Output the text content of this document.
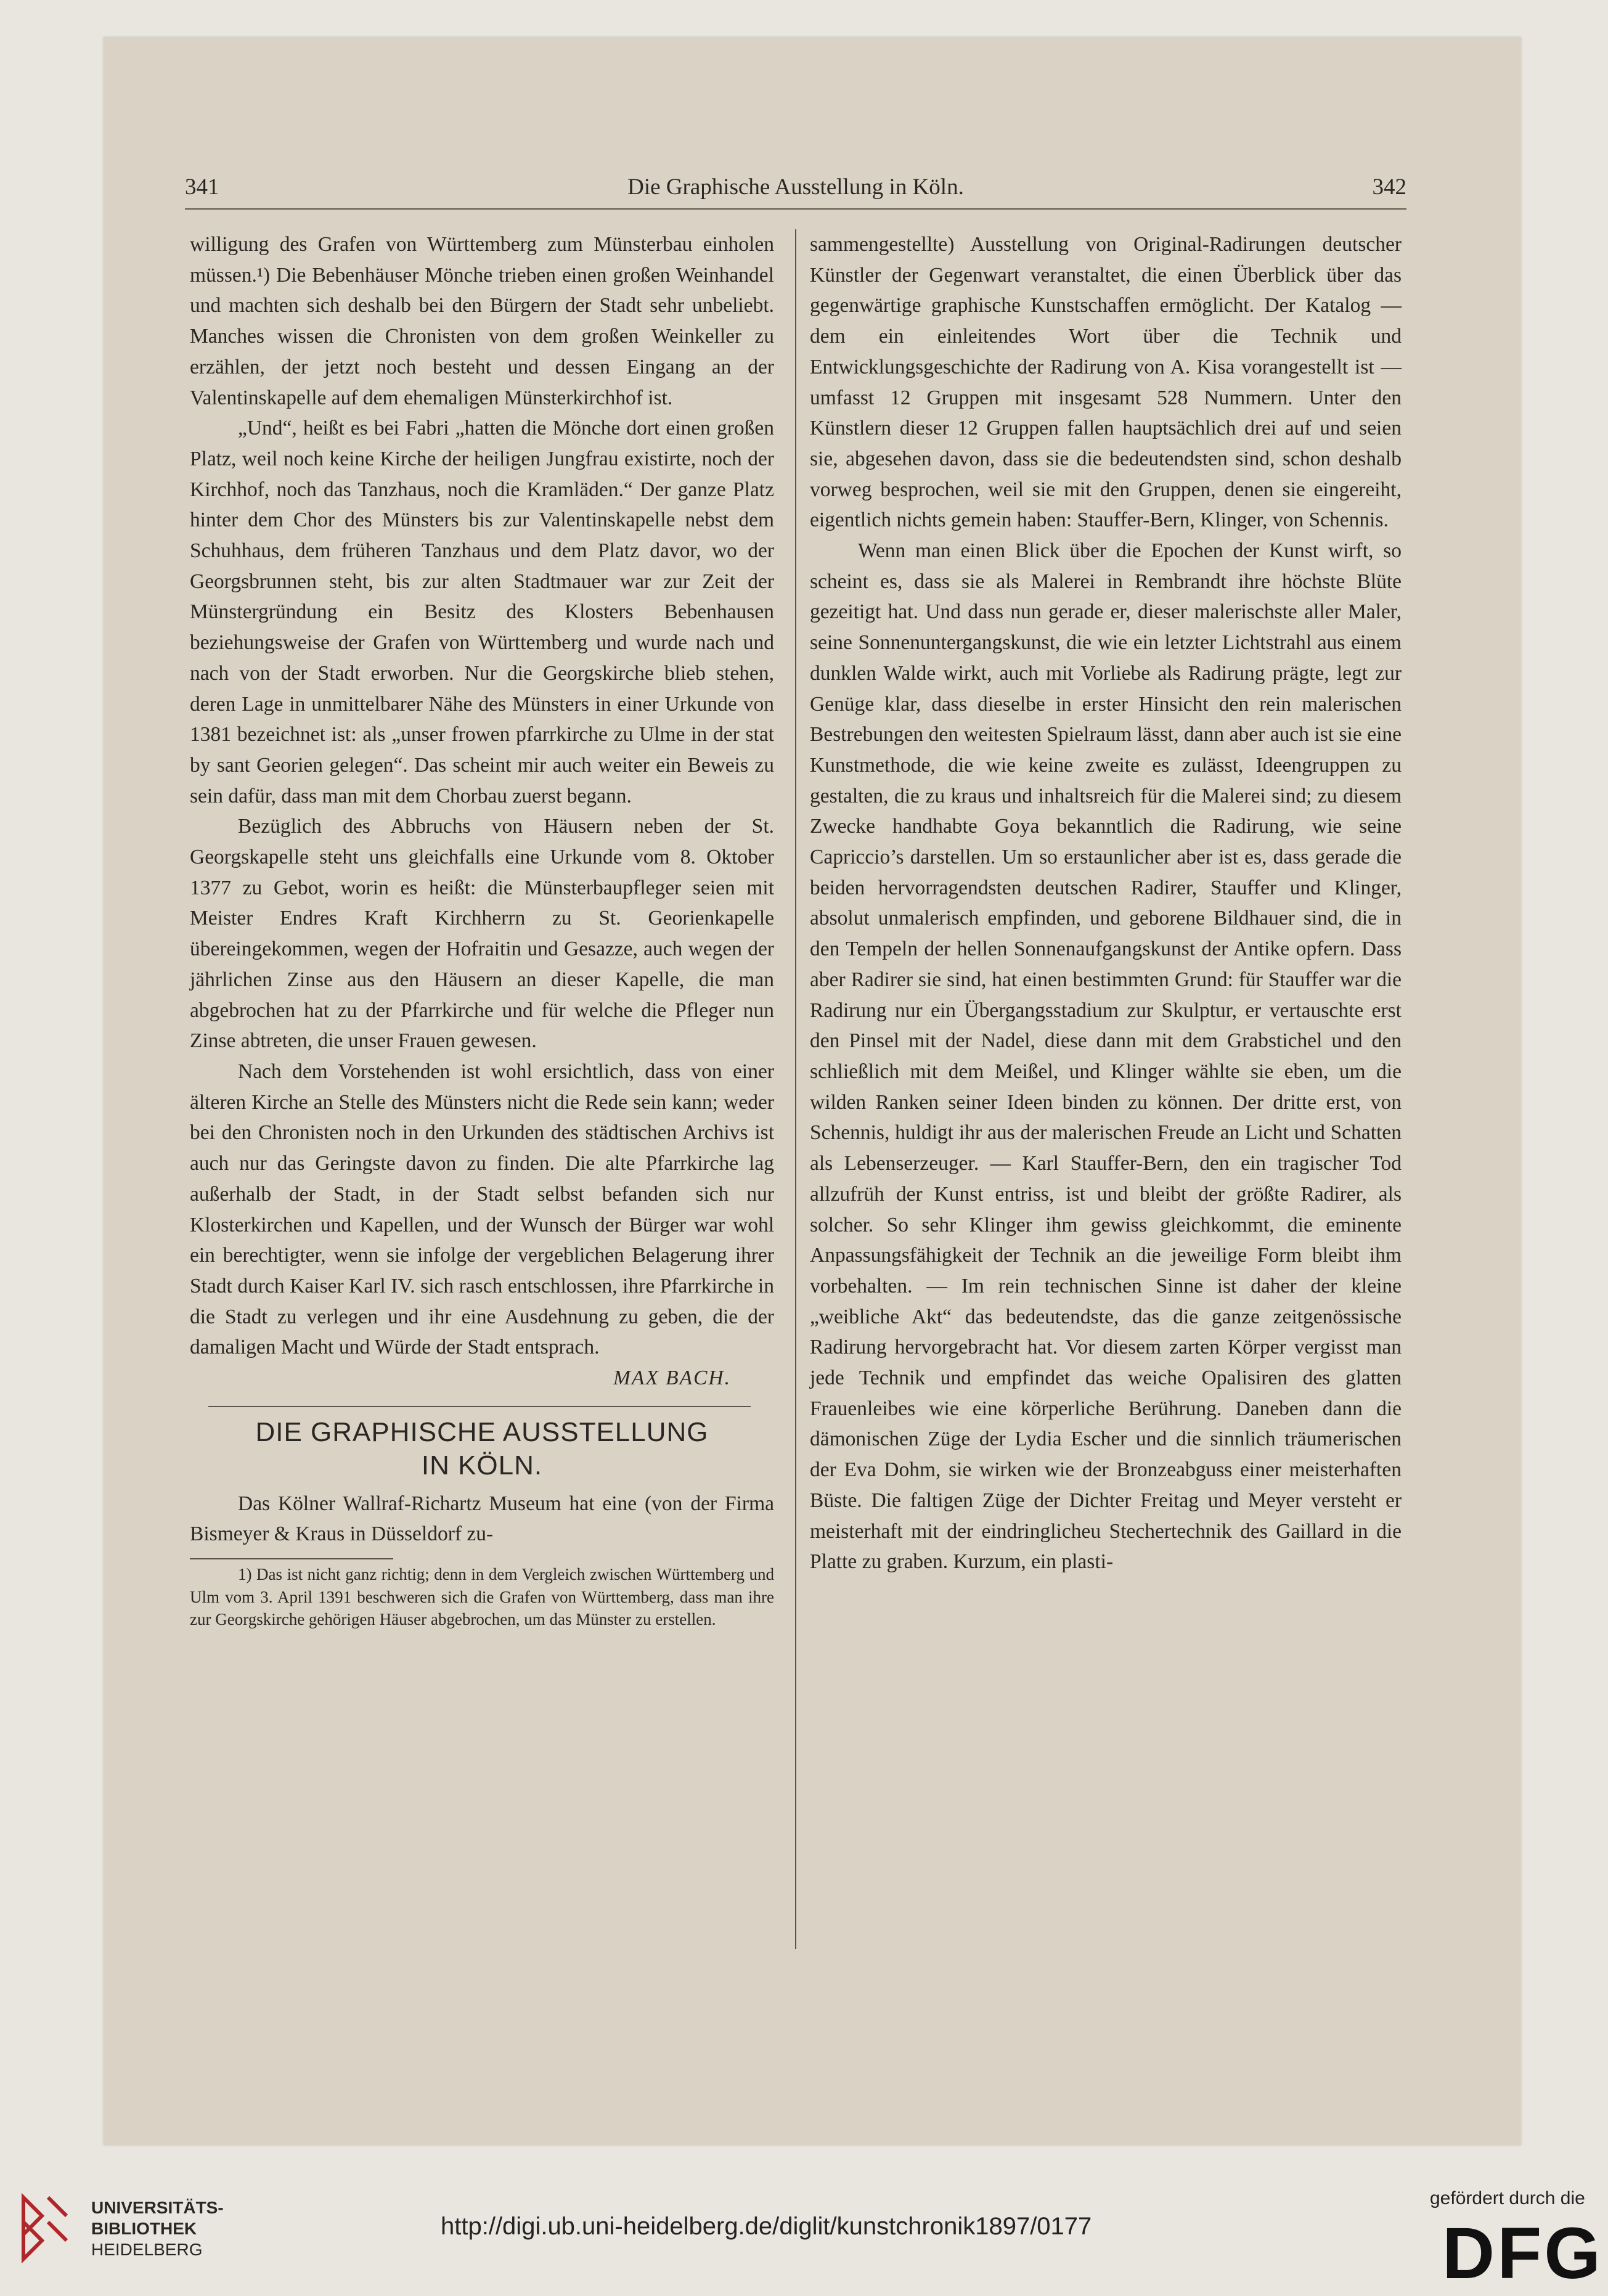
341	Die Graphische Ausstellung in Köln.	342

willigung des Grafen von Württemberg zum Münsterbau einholen müssen.¹) Die Bebenhäuser Mönche trieben einen großen Weinhandel und machten sich deshalb bei den Bürgern der Stadt sehr unbeliebt. Manches wissen die Chronisten von dem großen Weinkeller zu erzählen, der jetzt noch besteht und dessen Eingang an der Valentinskapelle auf dem ehemaligen Münsterkirchhof ist.

„Und“, heißt es bei Fabri „hatten die Mönche dort einen großen Platz, weil noch keine Kirche der heiligen Jungfrau existirte, noch der Kirchhof, noch das Tanzhaus, noch die Kramläden.“ Der ganze Platz hinter dem Chor des Münsters bis zur Valentinskapelle nebst dem Schuhhaus, dem früheren Tanzhaus und dem Platz davor, wo der Georgsbrunnen steht, bis zur alten Stadtmauer war zur Zeit der Münstergründung ein Besitz des Klosters Bebenhausen beziehungsweise der Grafen von Württemberg und wurde nach und nach von der Stadt erworben. Nur die Georgskirche blieb stehen, deren Lage in unmittelbarer Nähe des Münsters in einer Urkunde von 1381 bezeichnet ist: als „unser frowen pfarrkirche zu Ulme in der stat by sant Georien gelegen“. Das scheint mir auch weiter ein Beweis zu sein dafür, dass man mit dem Chorbau zuerst begann.

Bezüglich des Abbruchs von Häusern neben der St. Georgskapelle steht uns gleichfalls eine Urkunde vom 8. Oktober 1377 zu Gebot, worin es heißt: die Münsterbaupfleger seien mit Meister Endres Kraft Kirchherrn zu St. Georienkapelle übereingekommen, wegen der Hofraitin und Gesazze, auch wegen der jährlichen Zinse aus den Häusern an dieser Kapelle, die man abgebrochen hat zu der Pfarrkirche und für welche die Pfleger nun Zinse abtreten, die unser Frauen gewesen.

Nach dem Vorstehenden ist wohl ersichtlich, dass von einer älteren Kirche an Stelle des Münsters nicht die Rede sein kann; weder bei den Chronisten noch in den Urkunden des städtischen Archivs ist auch nur das Geringste davon zu finden. Die alte Pfarrkirche lag außerhalb der Stadt, in der Stadt selbst befanden sich nur Klosterkirchen und Kapellen, und der Wunsch der Bürger war wohl ein berechtigter, wenn sie infolge der vergeblichen Belagerung ihrer Stadt durch Kaiser Karl IV. sich rasch entschlossen, ihre Pfarrkirche in die Stadt zu verlegen und ihr eine Ausdehnung zu geben, die der damaligen Macht und Würde der Stadt entsprach.

MAX BACH.

DIE GRAPHISCHE AUSSTELLUNG
IN KÖLN.

Das Kölner Wallraf-Richartz Museum hat eine (von der Firma Bismeyer & Kraus in Düsseldorf zu-

1) Das ist nicht ganz richtig; denn in dem Vergleich zwischen Württemberg und Ulm vom 3. April 1391 beschweren sich die Grafen von Württemberg, dass man ihre zur Georgskirche gehörigen Häuser abgebrochen, um das Münster zu erstellen.

sammengestellte) Ausstellung von Original-Radirungen deutscher Künstler der Gegenwart veranstaltet, die einen Überblick über das gegenwärtige graphische Kunstschaffen ermöglicht. Der Katalog — dem ein einleitendes Wort über die Technik und Entwicklungsgeschichte der Radirung von A. Kisa vorangestellt ist — umfasst 12 Gruppen mit insgesamt 528 Nummern. Unter den Künstlern dieser 12 Gruppen fallen hauptsächlich drei auf und seien sie, abgesehen davon, dass sie die bedeutendsten sind, schon deshalb vorweg besprochen, weil sie mit den Gruppen, denen sie eingereiht, eigentlich nichts gemein haben: Stauffer-Bern, Klinger, von Schennis.

Wenn man einen Blick über die Epochen der Kunst wirft, so scheint es, dass sie als Malerei in Rembrandt ihre höchste Blüte gezeitigt hat. Und dass nun gerade er, dieser malerischste aller Maler, seine Sonnenuntergangskunst, die wie ein letzter Lichtstrahl aus einem dunklen Walde wirkt, auch mit Vorliebe als Radirung prägte, legt zur Genüge klar, dass dieselbe in erster Hinsicht den rein malerischen Bestrebungen den weitesten Spielraum lässt, dann aber auch ist sie eine Kunstmethode, die wie keine zweite es zulässt, Ideengruppen zu gestalten, die zu kraus und inhaltsreich für die Malerei sind; zu diesem Zwecke handhabte Goya bekanntlich die Radirung, wie seine Capriccio’s darstellen. Um so erstaunlicher aber ist es, dass gerade die beiden hervorragendsten deutschen Radirer, Stauffer und Klinger, absolut unmalerisch empfinden, und geborene Bildhauer sind, die in den Tempeln der hellen Sonnenaufgangskunst der Antike opfern. Dass aber Radirer sie sind, hat einen bestimmten Grund: für Stauffer war die Radirung nur ein Übergangsstadium zur Skulptur, er vertauschte erst den Pinsel mit der Nadel, diese dann mit dem Grabstichel und den schließlich mit dem Meißel, und Klinger wählte sie eben, um die wilden Ranken seiner Ideen binden zu können. Der dritte erst, von Schennis, huldigt ihr aus der malerischen Freude an Licht und Schatten als Lebenserzeuger. — Karl Stauffer-Bern, den ein tragischer Tod allzufrüh der Kunst entriss, ist und bleibt der größte Radirer, als solcher. So sehr Klinger ihm gewiss gleichkommt, die eminente Anpassungsfähigkeit der Technik an die jeweilige Form bleibt ihm vorbehalten. — Im rein technischen Sinne ist daher der kleine „weibliche Akt“ das bedeutendste, das die ganze zeitgenössische Radirung hervorgebracht hat. Vor diesem zarten Körper vergisst man jede Technik und empfindet das weiche Opalisiren des glatten Frauenleibes wie eine körperliche Berührung. Daneben dann die dämonischen Züge der Lydia Escher und die sinnlich träumerischen der Eva Dohm, sie wirken wie der Bronzeabguss einer meisterhaften Büste. Die faltigen Züge der Dichter Freitag und Meyer versteht er meisterhaft mit der eindringlicheu Stechertechnik des Gaillard in die Platte zu graben. Kurzum, ein plasti-

UNIVERSITÄTS-
BIBLIOTHEK
HEIDELBERG
http://digi.ub.uni-heidelberg.de/diglit/kunstchronik1897/0177
gefördert durch die
DFG
